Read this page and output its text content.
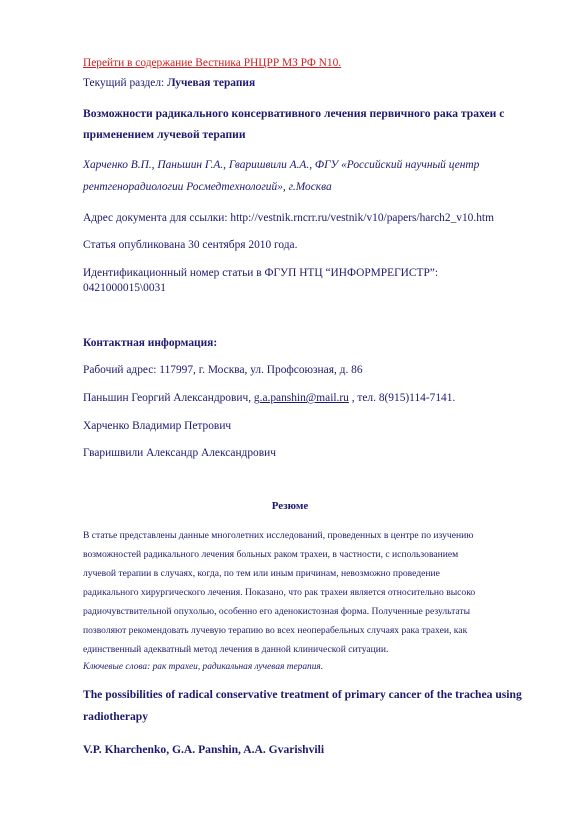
Перейти в содержание Вестника РНЦРР МЗ РФ N10.
Текущий раздел: Лучевая терапия
Возможности радикального консервативного лечения первичного рака трахеи с
применением лучевой терапии
Харченко В.П., Паньшин Г.А., Гваришвили А.А., ФГУ «Российский научный центр
рентгенорадиологии Росмедтехнологий», г.Москва
Адрес документа для ссылки: http://vestnik.rncrr.ru/vestnik/v10/papers/harch2_v10.htm
Статья опубликована 30 сентября 2010 года.
Идентификационный номер статьи в ФГУП НТЦ “ИНФОРМРЕГИСТР”:
0421000015\0031
Контактная информация:
Рабочий адрес: 117997, г. Москва, ул. Профсоюзная, д. 86
Паньшин Георгий Александрович, g.a.panshin@mail.ru , тел. 8(915)114-7141.
Харченко Владимир Петрович
Гваришвили Александр Александрович
Резюме
В статье представлены данные многолетних исследований, проведенных в центре по изучению
возможностей радикального лечения больных раком трахеи, в частности, с использованием
лучевой терапии в случаях, когда, по тем или иным причинам, невозможно проведение
радикального хирургического лечения. Показано, что рак трахеи является относительно высоко
радиочувствительной опухолью, особенно его аденокистозная форма. Полученные результаты
позволяют рекомендовать лучевую терапию во всех неоперабельных случаях рака трахеи, как
единственный адекватный метод лечения в данной клинической ситуации.
Ключевые слова: рак трахеи, радикальная лучевая терапия.
The possibilities of radical conservative treatment of primary cancer of the trachea using
radiotherapy
V.P. Kharchenko, G.A. Panshin, A.A. Gvarishvili
